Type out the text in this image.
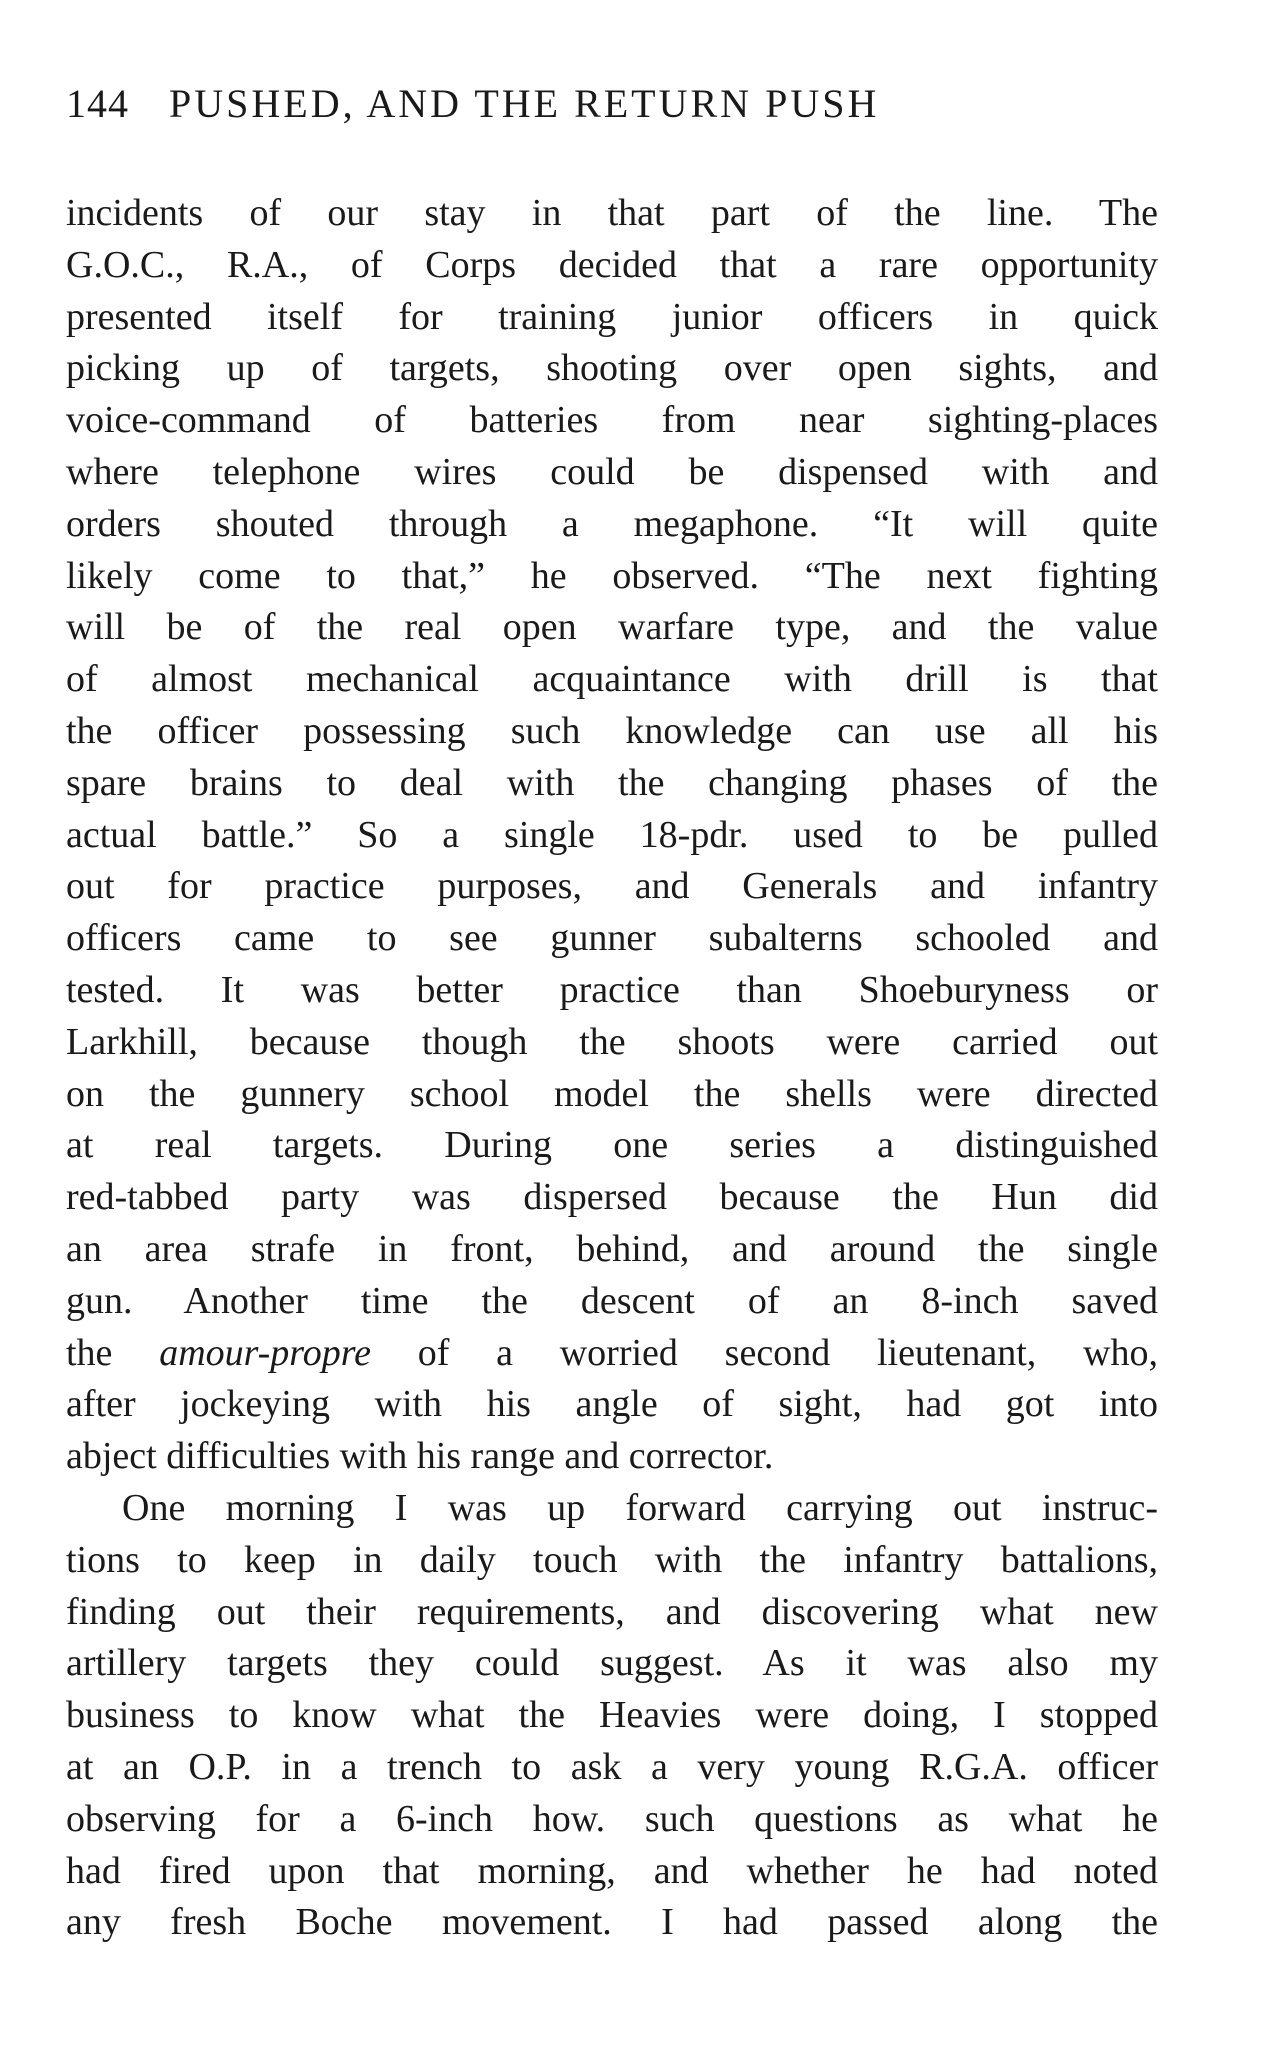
144 PUSHED, AND THE RETURN PUSH
incidents of our stay in that part of the line. The
G.O.C., R.A., of Corps decided that a rare opportunity
presented itself for training junior officers in quick
picking up of targets, shooting over open sights, and
voice-command of batteries from near sighting-places
where telephone wires could be dispensed with and
orders shouted through a megaphone. “It will quite
likely come to that,” he observed. “The next fighting
will be of the real open warfare type, and the value
of almost mechanical acquaintance with drill is that
the officer possessing such knowledge can use all his
spare brains to deal with the changing phases of the
actual battle.” So a single 18-pdr. used to be pulled
out for practice purposes, and Generals and infantry
officers came to see gunner subalterns schooled and
tested. It was better practice than Shoeburyness or
Larkhill, because though the shoots were carried out
on the gunnery school model the shells were directed
at real targets. During one series a distinguished
red-tabbed party was dispersed because the Hun did
an area strafe in front, behind, and around the single
gun. Another time the descent of an 8-inch saved
the amour-propre of a worried second lieutenant, who,
after jockeying with his angle of sight, had got into
abject difficulties with his range and corrector.
One morning I was up forward carrying out instruc-
tions to keep in daily touch with the infantry battalions,
finding out their requirements, and discovering what new
artillery targets they could suggest. As it was also my
business to know what the Heavies were doing, I stopped
at an O.P. in a trench to ask a very young R.G.A. officer
observing for a 6-inch how. such questions as what he
had fired upon that morning, and whether he had noted
any fresh Boche movement. I had passed along the
